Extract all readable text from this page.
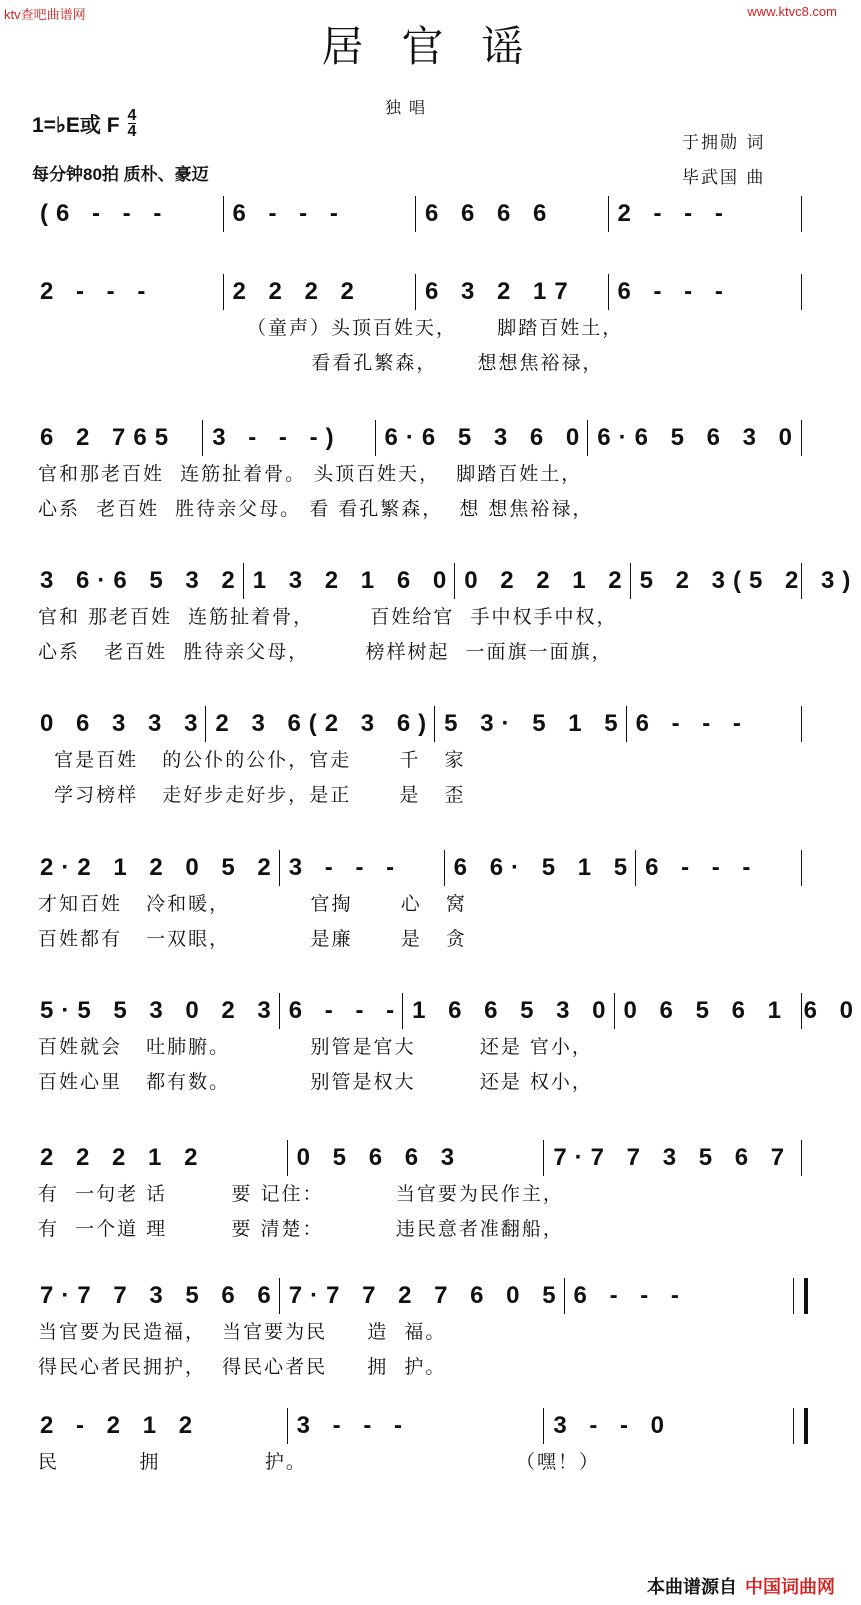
ktv查吧曲谱网	www.ktvc8.com
居官谣
独唱
1=♭E或 F $\frac{4}{4}$
每分钟80拍 质朴、豪迈
于拥勋 词
毕武国 曲
(6 - - -	6 - - -	6 6 6 6	2 - - -
2 - - -	2 2 2 2	6 3 2 17	6 - - -
（童声）头顶百姓天，     脚踏百姓土，
看看孔繁森，     想想焦裕禄，
6 2 765	3 - - -)	6·6 5 3 6 0 6·6 5 6 3 0
官和那老百姓  连筋扯着骨。 头顶百姓天，  脚踏百姓土，
心系  老百姓  胜待亲父母。 看 看孔繁森，  想 想焦裕禄，
3 6·6 5 3 2 1 3 2 1 6 0 0 2 2 1 2 5 2 3(5 2 3)
官和 那老百姓  连筋扯着骨，       百姓给官  手中权手中权，
心系   老百姓  胜待亲父母，       榜样树起  一面旗一面旗，
0 6 3 3 3 2 3 6(2 3 6) 5 3· 5 1 5 6 - - -
官是百姓   的公仆的公仆，官走      千   家
学习榜样   走好步走好步，是正      是   歪
2·2 1 2 0 5 2 3 - - -	6 6· 5 1 5 6 - - -
才知百姓   冷和暖，          官掏      心   窝
百姓都有   一双眼，          是廉      是   贪
5·5 5 3 0 2 3 6 - - - 1 6 6 5 3 0 0 6 5 6 1 6 0
百姓就会   吐肺腑。          别管是官大        还是 官小，
百姓心里   都有数。          别管是权大        还是 权小，
2 2 2 1 2	0 5 6 6 3	7·7 7 3 5 6 7
有  一句老 话        要 记住：         当官要为民作主，
有  一个道 理        要 清楚：         违民意者准翻船，
7·7 7 3 5 6 6 7·7 7 2 7 6 0 5 6 - - -
当官要为民造福，  当官要为民     造  福。
得民心者民拥护，  得民心者民     拥  护。
2 - 2 1 2	3 - - -	3 - - 0
民          拥             护。                          （嘿！）
本曲谱源自 中国词曲网
